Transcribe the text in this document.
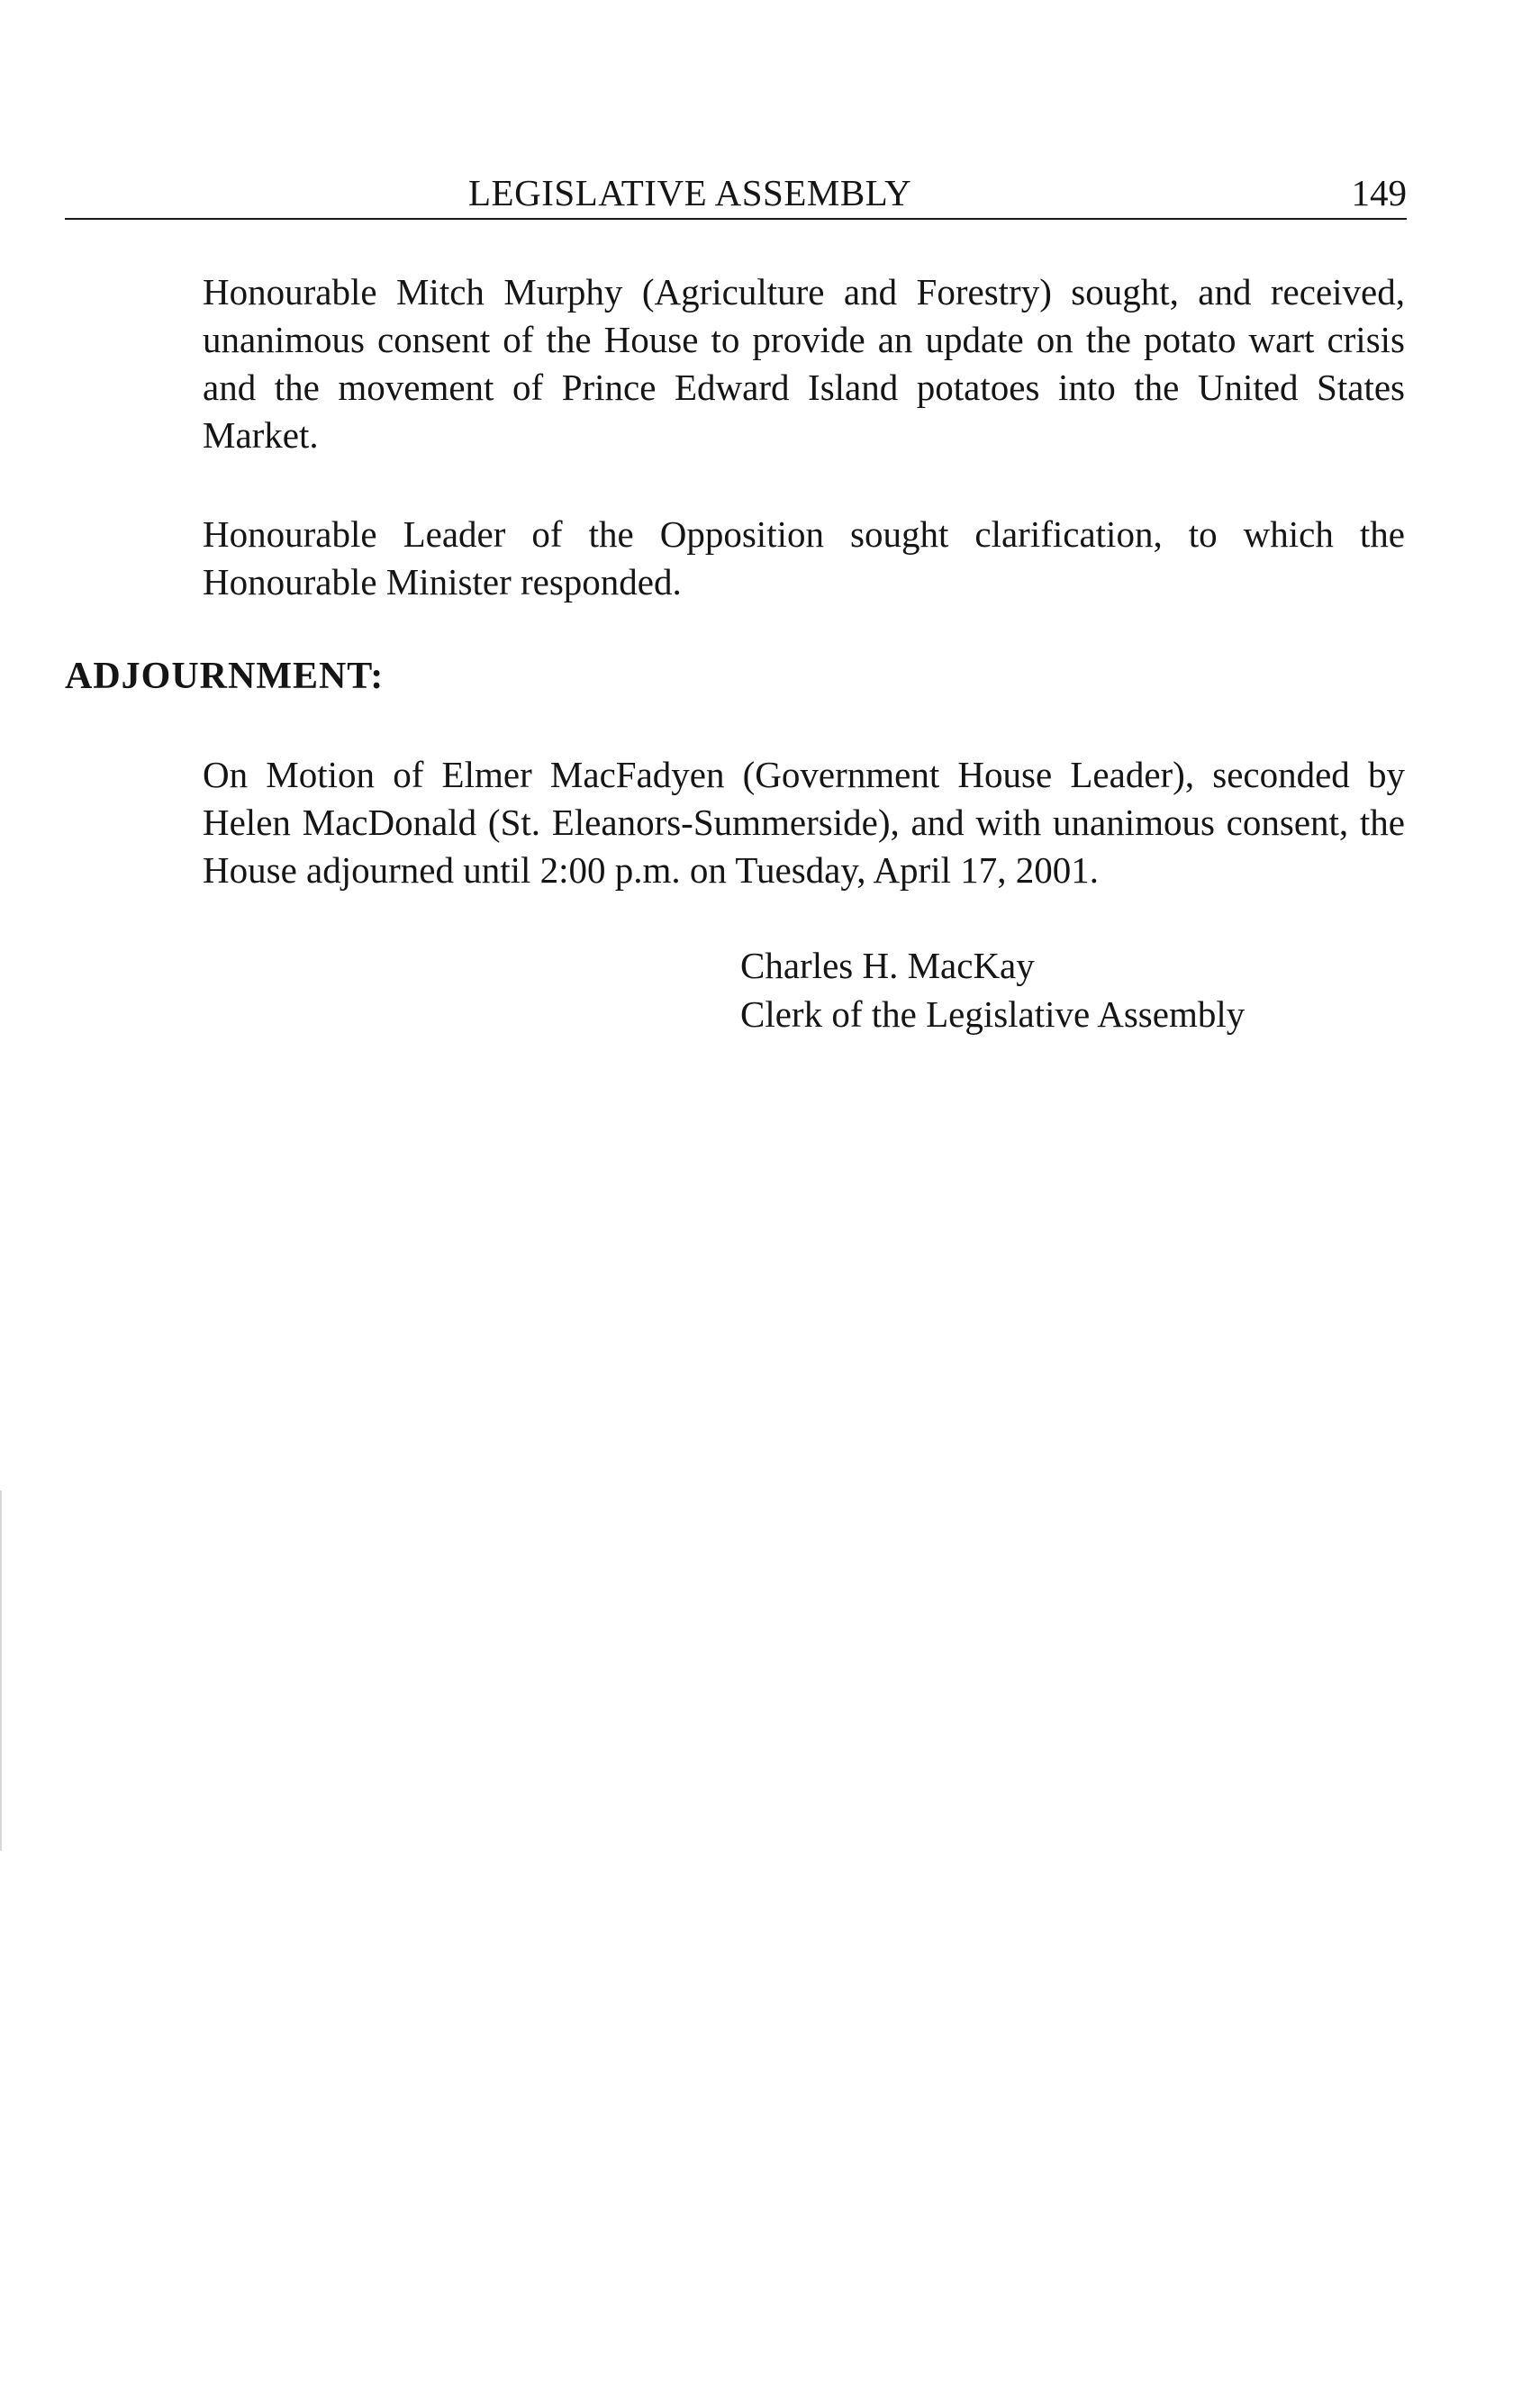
LEGISLATIVE ASSEMBLY	149

Honourable Mitch Murphy (Agriculture and Forestry) sought, and received, unanimous consent of the House to provide an update on the potato wart crisis and the movement of Prince Edward Island potatoes into the United States Market.

Honourable Leader of the Opposition sought clarification, to which the Honourable Minister responded.

ADJOURNMENT:

On Motion of Elmer MacFadyen (Government House Leader), seconded by Helen MacDonald (St. Eleanors-Summerside), and with unanimous consent, the House adjourned until 2:00 p.m. on Tuesday, April 17, 2001.

Charles H. MacKay
Clerk of the Legislative Assembly
